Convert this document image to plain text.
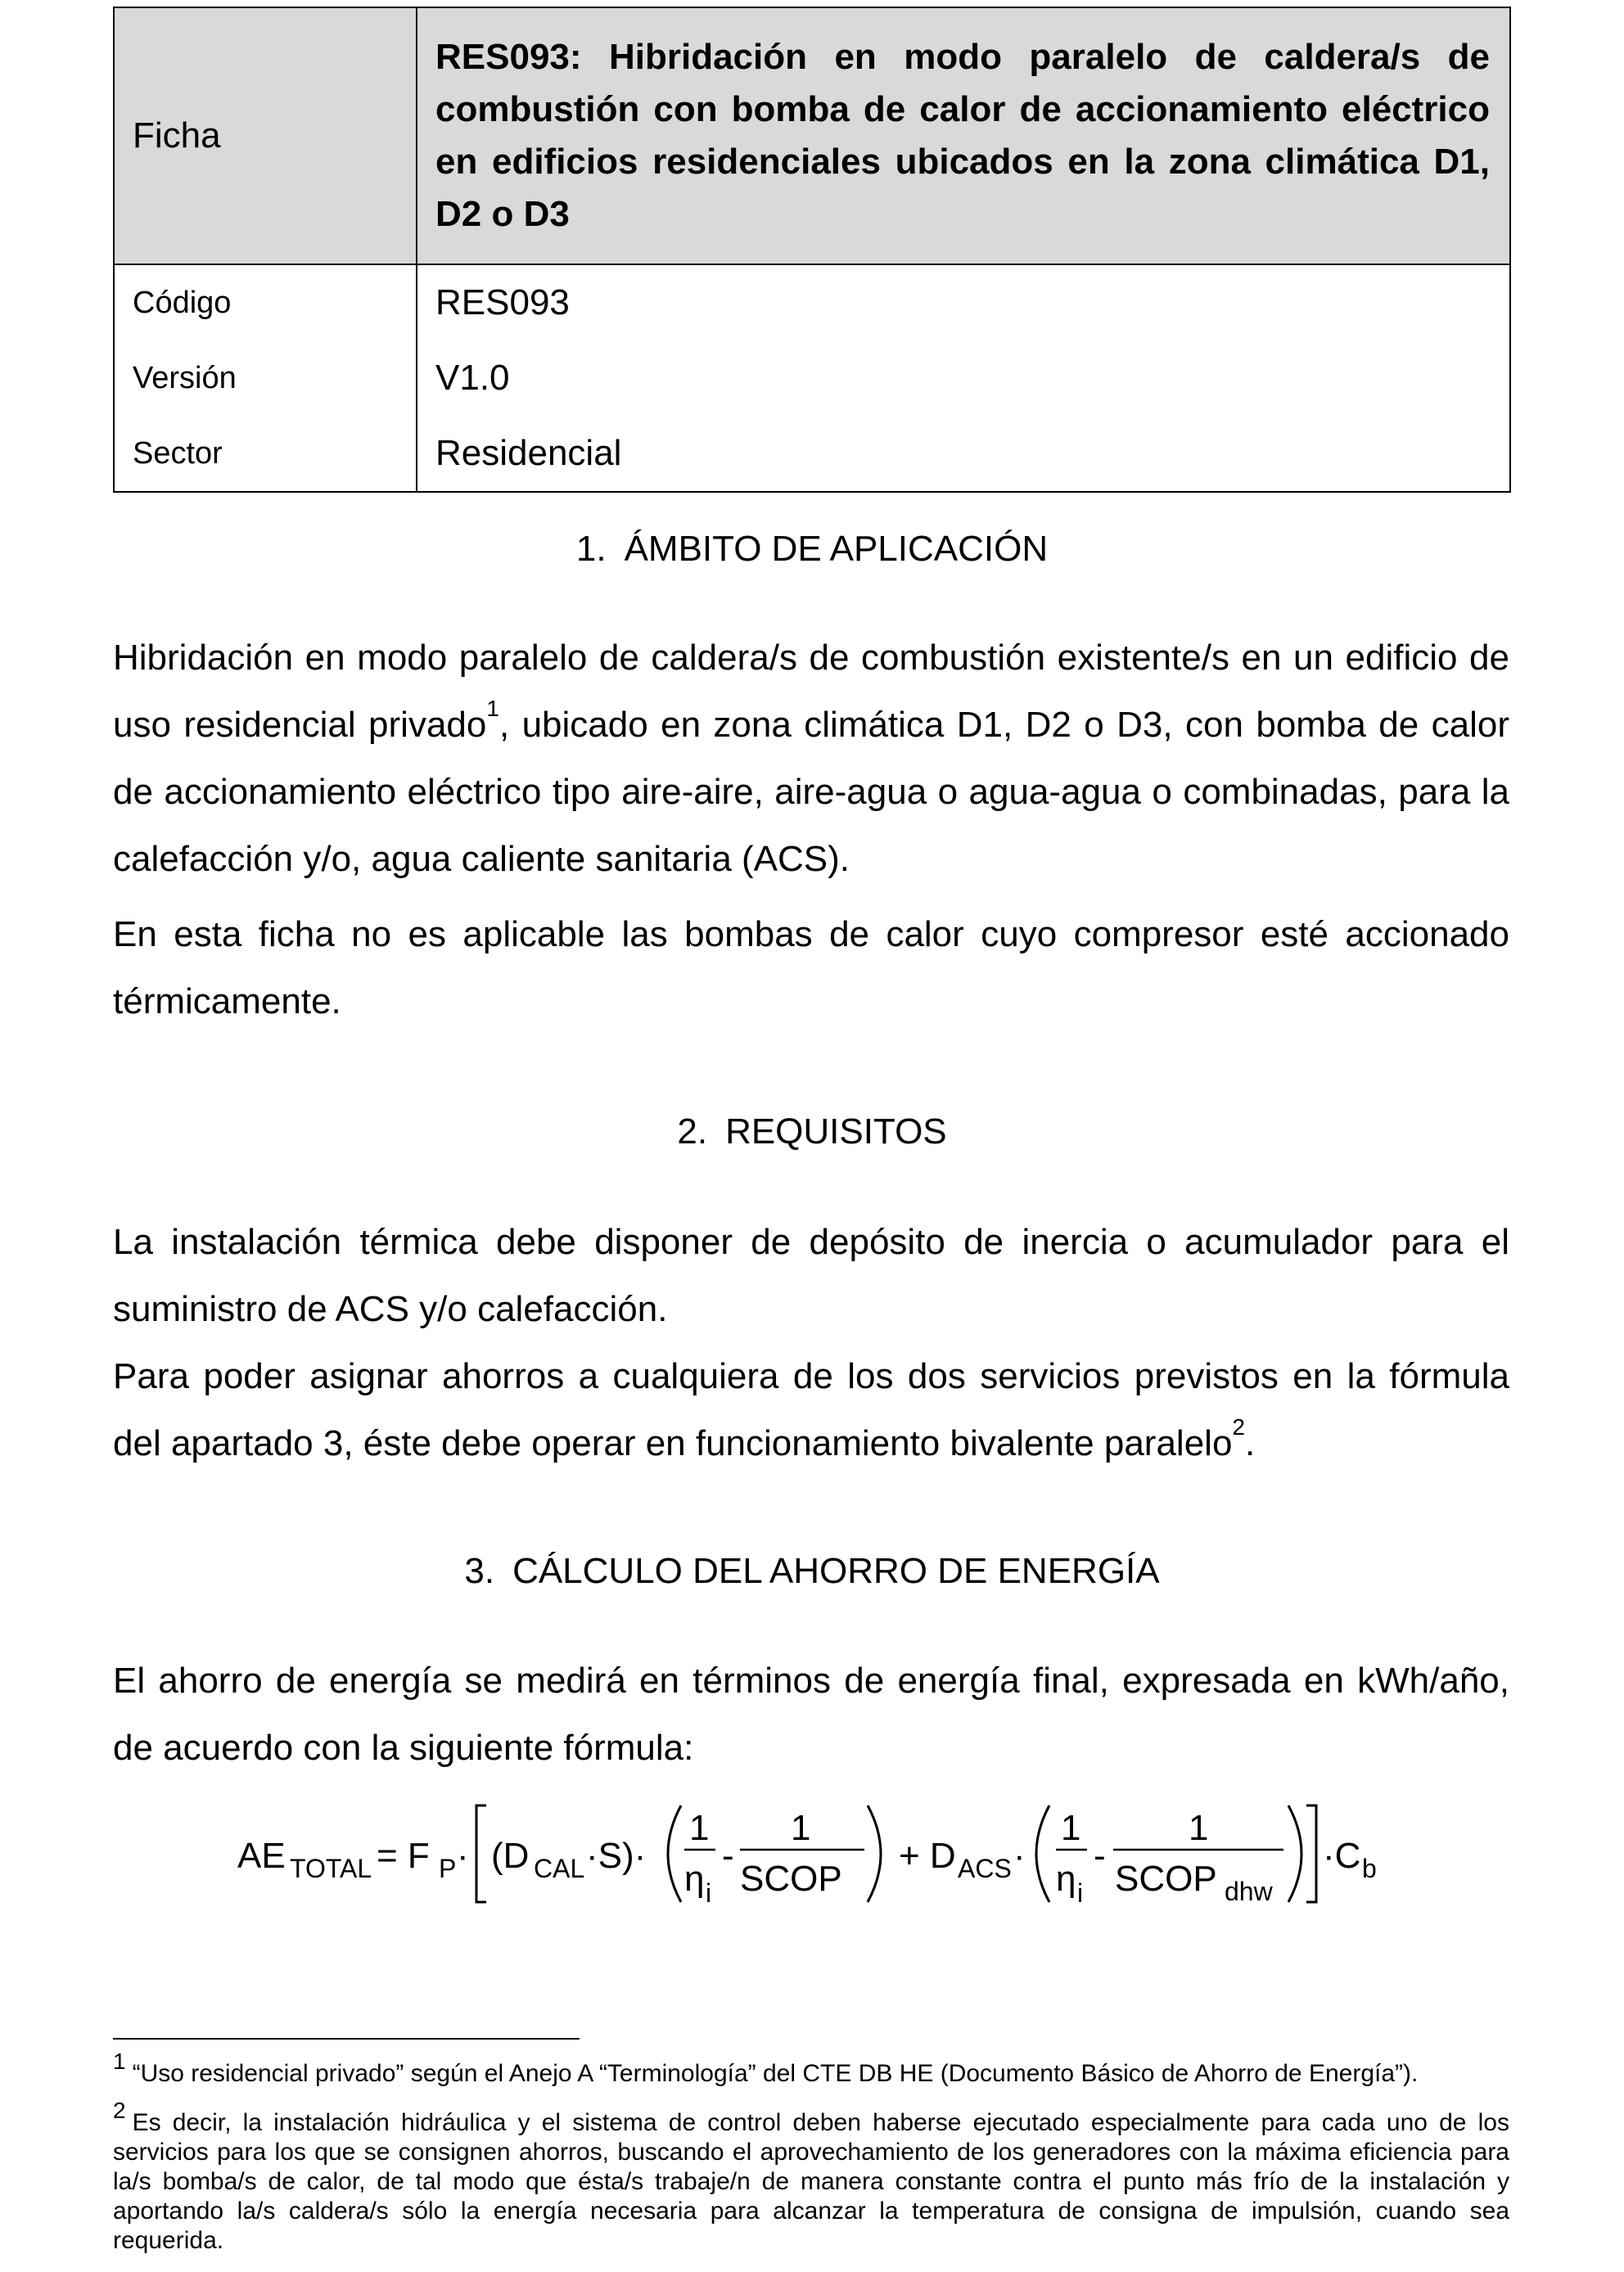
Ficha	RES093: Hibridación en modo paralelo de caldera/s de combustión con bomba de calor de accionamiento eléctrico en edificios residenciales ubicados en la zona climática D1, D2 o D3
Código	RES093
Versión	V1.0
Sector	Residencial
1. ÁMBITO DE APLICACIÓN

Hibridación en modo paralelo de caldera/s de combustión existente/s en un edificio de uso residencial privado$^1$, ubicado en zona climática D1, D2 o D3, con bomba de calor de accionamiento eléctrico tipo aire-aire, aire-agua o agua-agua o combinadas, para la calefacción y/o, agua caliente sanitaria (ACS).

En esta ficha no es aplicable las bombas de calor cuyo compresor esté accionado térmicamente.

2. REQUISITOS

La instalación térmica debe disponer de depósito de inercia o acumulador para el suministro de ACS y/o calefacción.

Para poder asignar ahorros a cualquiera de los dos servicios previstos en la fórmula del apartado 3, éste debe operar en funcionamiento bivalente paralelo$^2$.

3. CÁLCULO DEL AHORRO DE ENERGÍA

El ahorro de energía se medirá en términos de energía final, expresada en kWh/año, de acuerdo con la siguiente fórmula:

AE TOTAL = F P · (D CAL ·S)·
1
η i
-
1
SCOP
+ D ACS ·
1
η i
-
1
SCOP dhw
·C b
1 “Uso residencial privado” según el Anejo A “Terminología” del CTE DB HE (Documento Básico de Ahorro de Energía”).
2 Es decir, la instalación hidráulica y el sistema de control deben haberse ejecutado especialmente para cada uno de los servicios para los que se consignen ahorros, buscando el aprovechamiento de los generadores con la máxima eficiencia para la/s bomba/s de calor, de tal modo que ésta/s trabaje/n de manera constante contra el punto más frío de la instalación y aportando la/s caldera/s sólo la energía necesaria para alcanzar la temperatura de consigna de impulsión, cuando sea requerida.
